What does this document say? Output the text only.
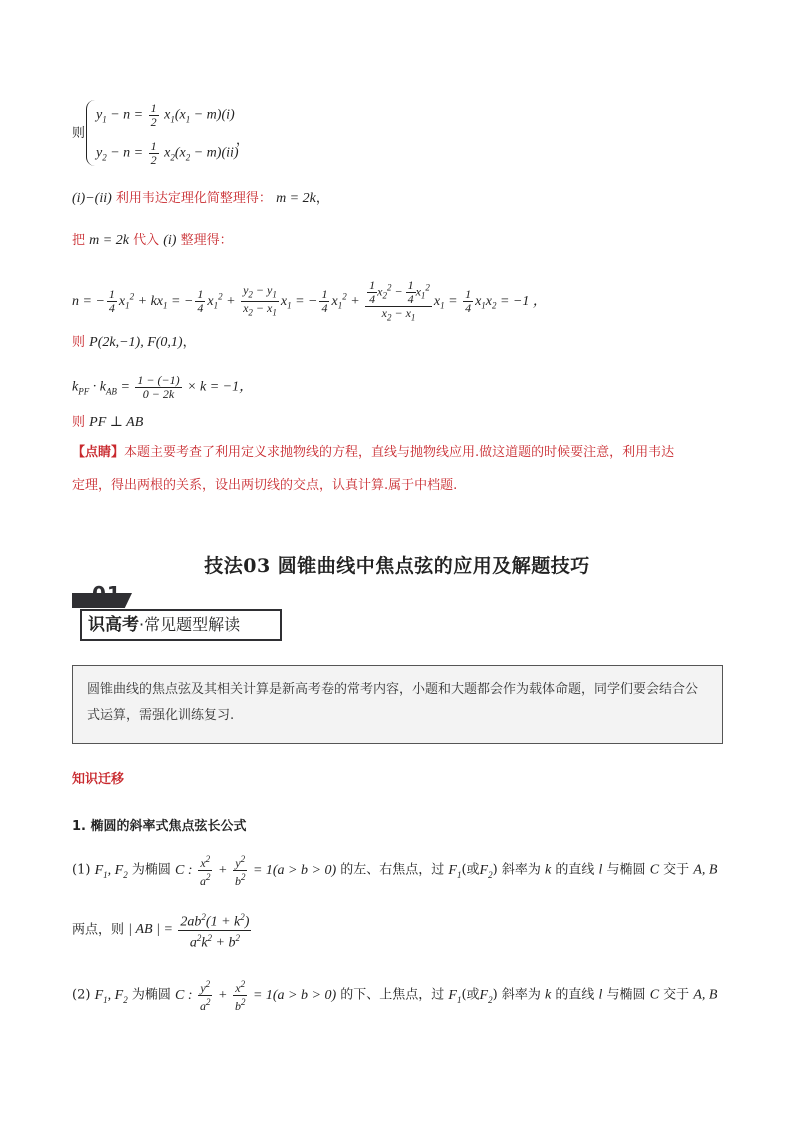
则
$y_1 - n = \frac{1}{2} x_1(x_1 - m)(i)$
，
$y_2 - n = \frac{1}{2} x_2(x_2 - m)(ii)$
(i)−(ii) 利用韦达定理化简整理得： m = 2k，
把 m = 2k 代入 (i) 整理得：
n = − $\frac{1}{4} x_1^2 + kx_1$ = − $\frac{1}{4} x_1^2 + \frac{y_2 - y_1}{x_2 - x_1} x_1$ = − $\frac{1}{4} x_1^2 + \frac{\frac{1}{4} x_2^2 - \frac{1}{4} x_1^2}{x_2 - x_1} x_1 = \frac{1}{4} x_1x_2 = -1$ ，
则 P(2k,−1), F(0,1)，
$k_{PF} \cdot k_{AB} = \frac{1 - (-1)}{0 - 2k} \times k = -1$，
则 PF ⊥ AB
【点睛】本题主要考查了利用定义求抛物线的方程，直线与抛物线应用.做这道题的时候要注意，利用韦达
定理，得出两根的关系，设出两切线的交点，认真计算.属于中档题.
技法03 圆锥曲线中焦点弦的应用及解题技巧
01
识高考·常见题型解读
圆锥曲线的焦点弦及其相关计算是新高考卷的常考内容，小题和大题都会作为载体命题，同学们要会结合公式运算，需强化训练复习.
知识迁移
1. 椭圆的斜率式焦点弦长公式
(1) $F_1$, $F_2$ 为椭圆 C : $\frac{x^2}{a^2} + \frac{y^2}{b^2} = 1(a > b > 0)$ 的左、右焦点，过 $F_1$(或$F_2$) 斜率为 k 的直线 l 与椭圆 C 交于 A, B
两点，则 | AB | = $\frac{2ab^2(1 + k^2)}{a^2k^2 + b^2}$
(2) $F_1$, $F_2$ 为椭圆 C : $\frac{y^2}{a^2} + \frac{x^2}{b^2} = 1(a > b > 0)$ 的下、上焦点，过 $F_1$(或$F_2$) 斜率为 k 的直线 l 与椭圆 C 交于 A, B
